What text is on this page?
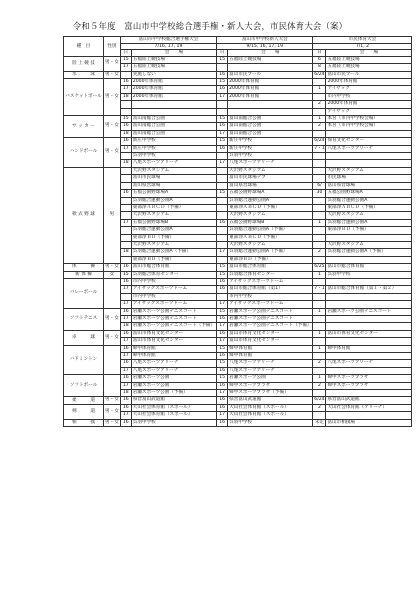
令和５年度　富山市中学校総合選手権・新人大会，市民体育大会（案）
種　目	性別	富山市中学校総合選手権大会		富山市中学校新人大会		市民体育大会	
		7/16, 17, 19		9/15, 16, 17, 19		7/1, 2	
		日	会　　場	日	会　　場	日	会　　場
陸 上 競 技	男・女	15	五福陸上競技場	15	五福陸上競技場	6	五福陸上競技場
		17	五福陸上競技場			8	五福陸上競技場
水　　　泳	男・女		実施しない	16	富山市民プール	6/24	富山市民プール
バスケットボール	男・女	16	2000年体育館	15	2000年体育館		2000年体育館
		17	2000年体育館	16	2000年体育館	1	アイザック
		18	2000年体育館	17	2000年体育館		市内中学校
						2	2000年体育館
							アイザック
サ ッ カ ー	男・女	15	富山南総合公園	15	富山南総合公園	1	本宮（市内中学校会場）
		16	富山南総合公園	16	富山南総合公園	2	本宮（市内中学校会場）
		18	富山南総合公園	17	富山南総合公園		
ハンドボール	男・女	16	新庄中学校	15	新庄中学校	6/24	保育文化センター
		17	新庄中学校	16	新庄中学校	7・1	八尾スポーツアリーナ
			呉羽中学校		呉羽中学校		
		18	八尾スポーツアリーナ	17	八尾スポーツアリーナ		
軟 式 野 球	男		大沢野スタジアム		大沢野スタジアム		大沢野スタジアム
			富山市民球場		富山市民球場テプ		市民球場
			富山県営球場		富山県営球場	6/	富山県営球場
		16	五福公園野球場A	15	五福公園野球場A	30	五福公園野球場A
			呉羽総合運動公園A		呉羽総合運動公園A		呉羽総合運動公園A
			東部浄ＡＢＣＤ（予備）		東部浄ＡＢＣＤ（予備）		東部浄ＡＢＣＤ（予備）
			大沢野スタジアム		大沢野スタジアム		大沢野スタジアム
		17	五福公園野球場B	16	五福公園野球場B	1	呉羽総合運動公園A
			呉羽総合運動公園A		呉羽総合運動公園A（予備）		東部浄ＢＤ（予備）
			東部浄ＢＤ（予備）		東部浄ＡＢＣＤ（予備）		
			大沢野スタジアム		大沢野スタジアム		大沢野スタジアム
		18	呉羽総合運動公園A（予備）	17	呉羽総合運動公園A（予備）	2	呉羽総合運動公園A（予備）
			東部浄ＢＤ（予備）		東部浄ＢＤ（予備）		
体　　　操	男・女	16	富山市総合体育館	15	富山市総合体育館	6/25	富山市総合体育館
新 体 操	女	15	呉羽総合体育センター	15	呉羽総合体育センター	1	呉羽中学校
バレーボール		16	市内中学校	16	アイザックスポーツドーム		
		17	アイザックスポーツドーム	16	富山市総合体育館（第1）	7・1	富山市総合体育館（第１・第２）
			市内中学校		市内中学校		
		17	アイザックスポーツドーム	17	アイザックスポーツドーム		
ソフトテニス	男・女	16	岩瀬スポーツ公園テニスコート	15	岩瀬スポーツ公園テニスコート	1	岩瀬スポーツ公園テニスコート
		17	岩瀬スポーツ公園テニスコート	16	岩瀬スポーツ公園テニスコート		
		18	岩瀬スポーツ公園テニスコート（予備）	17	岩瀬スポーツ公園テニスコート（予備）		
卓　　　球	男・女	16	富山市体育文化センター	16	富山市体育文化センター	1	富山市体育文化センター
		17	富山市体育文化センター	17	富山市体育文化センター		
バドミントン		16	婦中体育館	15	婦中体育館	1	婦中体育館
		17	婦中体育館	16	婦中体育館		
		16	八尾スポーツアリーナ	15	八尾スポーツアリーナ	2	八尾スポーツアリーナ
		17	八尾スポーツアリーナ	16	八尾スポーツアリーナ		
ソフトボール		16	岩瀬スポーツ公園	15	岩瀬スポーツ公園	1	婦中スポーツプラザ
		17	岩瀬スポーツ公園	16	婦中スポーツプラザ	2	婦中スポーツプラザ
		18	岩瀬スポーツ公園（予備）	17	婦中スポーツプラザ（予備）		
柔　　　道	男・女	16	県営富山武道館	16	県営富山武道館	6/24	県営富山武道館
剣　　　道	男・女	16	大山社会体育館（スポール）	16	大山社会体育館（スポール）	2	大山社会体育館（アリーナ）
		17	大山社会体育館（スポール）	17	大山社会体育館（スポール）		
相　　　撲	男・女	16	呉羽中学校	16	呉羽中学校	未定	富山市相撲場
